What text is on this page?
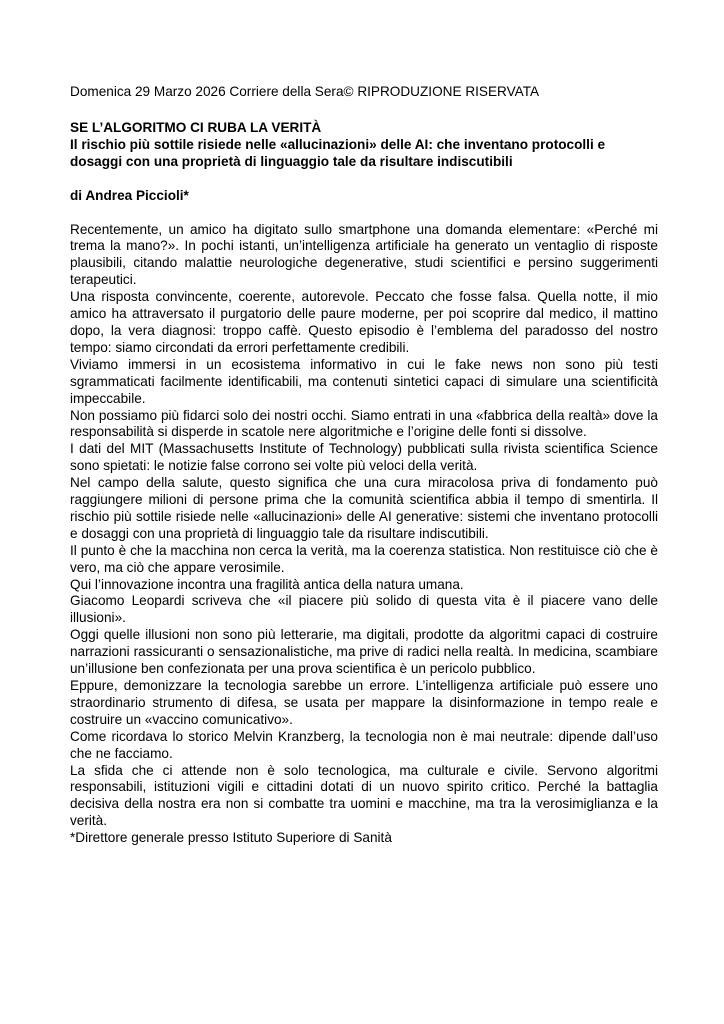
Domenica 29 Marzo 2026 Corriere della Sera© RIPRODUZIONE RISERVATA

SE L’ALGORITMO CI RUBA LA VERITÀ

Il rischio più sottile risiede nelle «allucinazioni» delle AI: che inventano protocolli e dosaggi con una proprietà di linguaggio tale da risultare indiscutibili

di Andrea Piccioli*

Recentemente, un amico ha digitato sullo smartphone una domanda elementare: «Perché mi trema la mano?». In pochi istanti, un’intelligenza artificiale ha generato un ventaglio di risposte plausibili, citando malattie neurologiche degenerative, studi scientifici e persino suggerimenti terapeutici.

Una risposta convincente, coerente, autorevole. Peccato che fosse falsa. Quella notte, il mio amico ha attraversato il purgatorio delle paure moderne, per poi scoprire dal medico, il mattino dopo, la vera diagnosi: troppo caffè. Questo episodio è l’emblema del paradosso del nostro tempo: siamo circondati da errori perfettamente credibili.

Viviamo immersi in un ecosistema informativo in cui le fake news non sono più testi sgrammaticati facilmente identificabili, ma contenuti sintetici capaci di simulare una scientificità impeccabile.

Non possiamo più fidarci solo dei nostri occhi. Siamo entrati in una «fabbrica della realtà» dove la responsabilità si disperde in scatole nere algoritmiche e l’origine delle fonti si dissolve.

I dati del MIT (Massachusetts Institute of Technology) pubblicati sulla rivista scientifica Science sono spietati: le notizie false corrono sei volte più veloci della verità.

Nel campo della salute, questo significa che una cura miracolosa priva di fondamento può raggiungere milioni di persone prima che la comunità scientifica abbia il tempo di smentirla. Il rischio più sottile risiede nelle «allucinazioni» delle AI generative: sistemi che inventano protocolli e dosaggi con una proprietà di linguaggio tale da risultare indiscutibili.

Il punto è che la macchina non cerca la verità, ma la coerenza statistica. Non restituisce ciò che è vero, ma ciò che appare verosimile.

Qui l’innovazione incontra una fragilità antica della natura umana.

Giacomo Leopardi scriveva che «il piacere più solido di questa vita è il piacere vano delle illusioni».

Oggi quelle illusioni non sono più letterarie, ma digitali, prodotte da algoritmi capaci di costruire narrazioni rassicuranti o sensazionalistiche, ma prive di radici nella realtà. In medicina, scambiare un’illusione ben confezionata per una prova scientifica è un pericolo pubblico.

Eppure, demonizzare la tecnologia sarebbe un errore. L’intelligenza artificiale può essere uno straordinario strumento di difesa, se usata per mappare la disinformazione in tempo reale e costruire un «vaccino comunicativo».

Come ricordava lo storico Melvin Kranzberg, la tecnologia non è mai neutrale: dipende dall’uso che ne facciamo.

La sfida che ci attende non è solo tecnologica, ma culturale e civile. Servono algoritmi responsabili, istituzioni vigili e cittadini dotati di un nuovo spirito critico. Perché la battaglia decisiva della nostra era non si combatte tra uomini e macchine, ma tra la verosimiglianza e la verità.

*Direttore generale presso Istituto Superiore di Sanità
